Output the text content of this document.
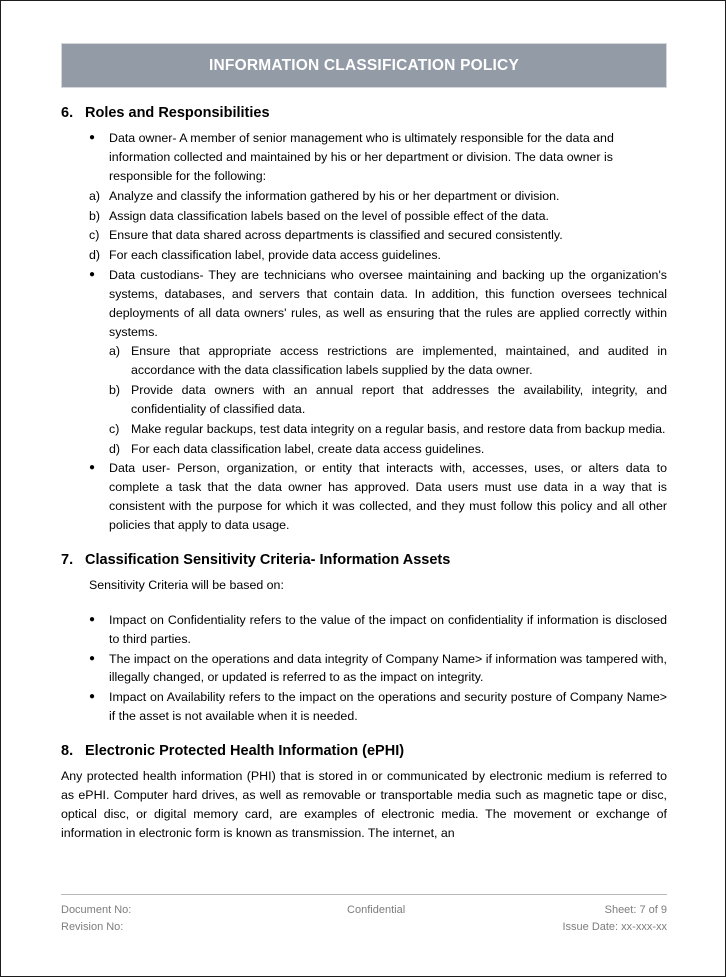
INFORMATION CLASSIFICATION POLICY
6. Roles and Responsibilities
●	Data owner- A member of senior management who is ultimately responsible for the data and information collected and maintained by his or her department or division. The data owner is responsible for the following:
a) Analyze and classify the information gathered by his or her department or division.
b) Assign data classification labels based on the level of possible effect of the data.
c) Ensure that data shared across departments is classified and secured consistently.
d) For each classification label, provide data access guidelines.
●	Data custodians- They are technicians who oversee maintaining and backing up the organization's systems, databases, and servers that contain data. In addition, this function oversees technical deployments of all data owners' rules, as well as ensuring that the rules are applied correctly within systems.
a) Ensure that appropriate access restrictions are implemented, maintained, and audited in accordance with the data classification labels supplied by the data owner.
b) Provide data owners with an annual report that addresses the availability, integrity, and confidentiality of classified data.
c) Make regular backups, test data integrity on a regular basis, and restore data from backup media.
d) For each data classification label, create data access guidelines.
●	Data user- Person, organization, or entity that interacts with, accesses, uses, or alters data to complete a task that the data owner has approved. Data users must use data in a way that is consistent with the purpose for which it was collected, and they must follow this policy and all other policies that apply to data usage.
7. Classification Sensitivity Criteria- Information Assets

Sensitivity Criteria will be based on:

●	Impact on Confidentiality refers to the value of the impact on confidentiality if information is disclosed to third parties.
●	The impact on the operations and data integrity of Company Name> if information was tampered with, illegally changed, or updated is referred to as the impact on integrity.
●	Impact on Availability refers to the impact on the operations and security posture of Company Name> if the asset is not available when it is needed.
8. Electronic Protected Health Information (ePHI)

Any protected health information (PHI) that is stored in or communicated by electronic medium is referred to as ePHI. Computer hard drives, as well as removable or transportable media such as magnetic tape or disc, optical disc, or digital memory card, are examples of electronic media. The movement or exchange of information in electronic form is known as transmission. The internet, an

Document No:	Confidential	Sheet: 7 of 9
Revision No:	Issue Date: xx-xxx-xx
